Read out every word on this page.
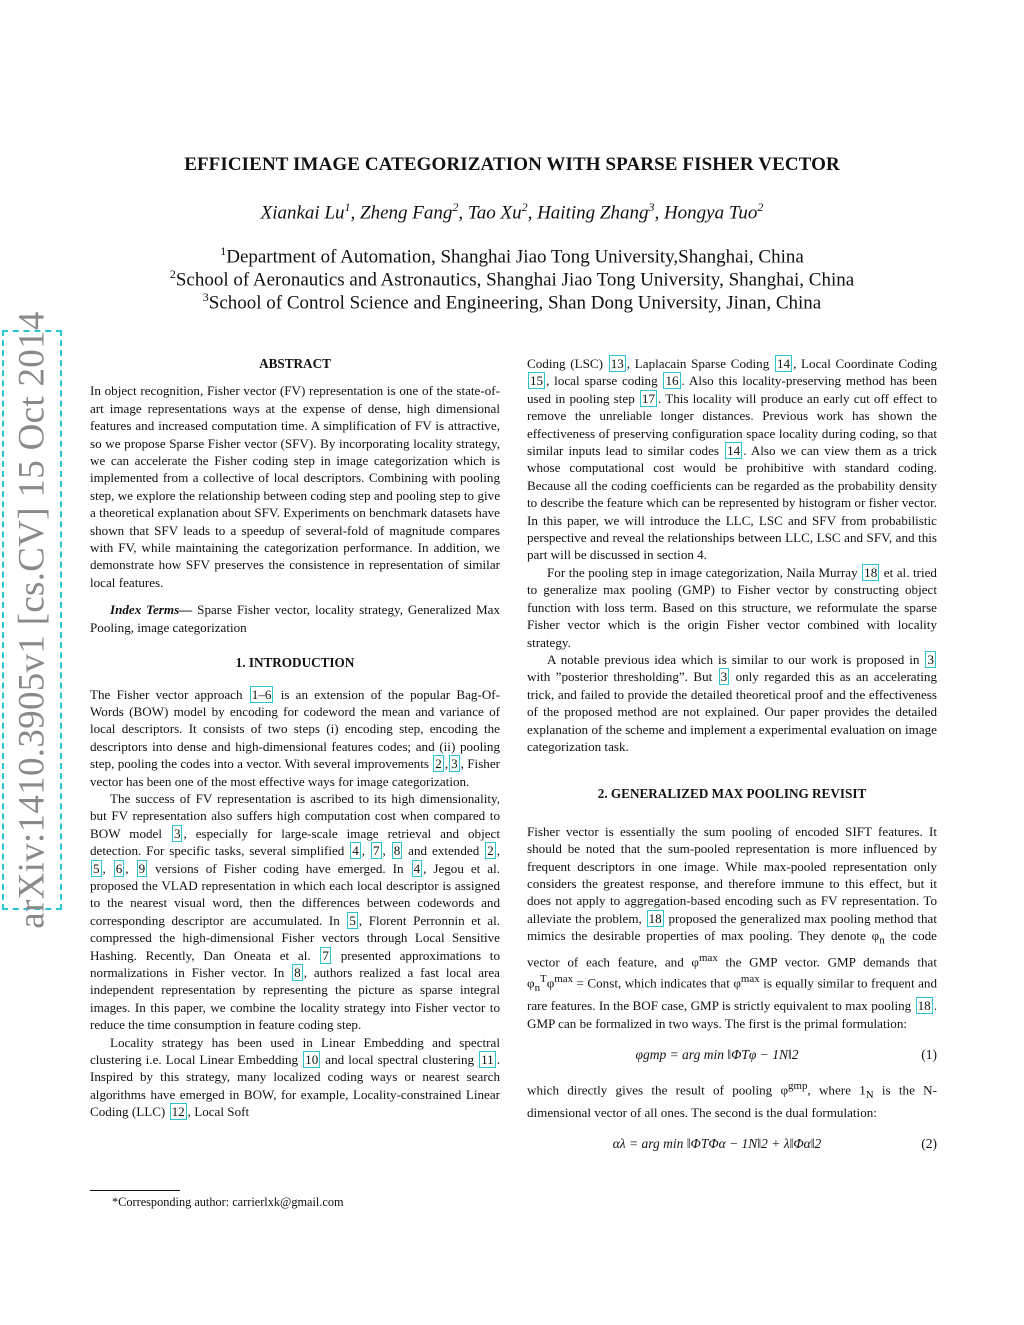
arXiv:1410.3905v1 [cs.CV] 15 Oct 2014
EFFICIENT IMAGE CATEGORIZATION WITH SPARSE FISHER VECTOR
Xiankai Lu$^1$, Zheng Fang$^2$, Tao Xu$^2$, Haiting Zhang$^3$, Hongya Tuo$^2$
$^1$Department of Automation, Shanghai Jiao Tong University,Shanghai, China
$^2$School of Aeronautics and Astronautics, Shanghai Jiao Tong University, Shanghai, China
$^3$School of Control Science and Engineering, Shan Dong University, Jinan, China
ABSTRACT

In object recognition, Fisher vector (FV) representation is one of the state-of-art image representations ways at the expense of dense, high dimensional features and increased computation time. A simplification of FV is attractive, so we propose Sparse Fisher vector (SFV). By incorporating locality strategy, we can accelerate the Fisher coding step in image categorization which is implemented from a collective of local descriptors. Combining with pooling step, we explore the relationship between coding step and pooling step to give a theoretical explanation about SFV. Experiments on benchmark datasets have shown that SFV leads to a speedup of several-fold of magnitude compares with FV, while maintaining the categorization performance. In addition, we demonstrate how SFV preserves the consistence in representation of similar local features.

Index Terms— Sparse Fisher vector, locality strategy, Generalized Max Pooling, image categorization

1. INTRODUCTION

The Fisher vector approach 1–6 is an extension of the popular Bag-Of-Words (BOW) model by encoding for codeword the mean and variance of local descriptors. It consists of two steps (i) encoding step, encoding the descriptors into dense and high-dimensional features codes; and (ii) pooling step, pooling the codes into a vector. With several improvements 2 , 3 , Fisher vector has been one of the most effective ways for image categorization.

The success of FV representation is ascribed to its high dimensionality, but FV representation also suffers high computation cost when compared to BOW model 3 , especially for large-scale image retrieval and object detection. For specific tasks, several simplified 4 , 7 , 8 and extended 2 , 5 , 6 , 9 versions of Fisher coding have emerged. In 4 , Jegou et al. proposed the VLAD representation in which each local descriptor is assigned to the nearest visual word, then the differences between codewords and corresponding descriptor are accumulated. In 5 , Florent Perronnin et al. compressed the high-dimensional Fisher vectors through Local Sensitive Hashing. Recently, Dan Oneata et al. 7 presented approximations to normalizations in Fisher vector. In 8 , authors realized a fast local area independent representation by representing the picture as sparse integral images. In this paper, we combine the locality strategy into Fisher vector to reduce the time consumption in feature coding step.

Locality strategy has been used in Linear Embedding and spectral clustering i.e. Local Linear Embedding 10 and local spectral clustering 11 . Inspired by this strategy, many localized coding ways or nearest search algorithms have emerged in BOW, for example, Locality-constrained Linear Coding (LLC) 12 , Local Soft

Coding (LSC) 13 , Laplacain Sparse Coding 14 , Local Coordinate Coding 15 , local sparse coding 16 . Also this locality-preserving method has been used in pooling step 17 . This locality will produce an early cut off effect to remove the unreliable longer distances. Previous work has shown the effectiveness of preserving configuration space locality during coding, so that similar inputs lead to similar codes 14 . Also we can view them as a trick whose computational cost would be prohibitive with standard coding. Because all the coding coefficients can be regarded as the probability density to describe the feature which can be represented by histogram or fisher vector. In this paper, we will introduce the LLC, LSC and SFV from probabilistic perspective and reveal the relationships between LLC, LSC and SFV, and this part will be discussed in section 4.

For the pooling step in image categorization, Naila Murray 18 et al. tried to generalize max pooling (GMP) to Fisher vector by constructing object function with loss term. Based on this structure, we reformulate the sparse Fisher vector which is the origin Fisher vector combined with locality strategy.

A notable previous idea which is similar to our work is proposed in 3 with ”posterior thresholding”. But 3 only regarded this as an accelerating trick, and failed to provide the detailed theoretical proof and the effectiveness of the proposed method are not explained. Our paper provides the detailed explanation of the scheme and implement a experimental evaluation on image categorization task.

2. GENERALIZED MAX POOLING REVISIT

Fisher vector is essentially the sum pooling of encoded SIFT features. It should be noted that the sum-pooled representation is more influenced by frequent descriptors in one image. While max-pooled representation only considers the greatest response, and therefore immune to this effect, but it does not apply to aggregation-based encoding such as FV representation. To alleviate the problem, 18 proposed the generalized max pooling method that mimics the desirable properties of max pooling. They denote $\varphi_n$ the code vector of each feature, and $\varphi^{max}$ the GMP vector. GMP demands that $\varphi_n^T\varphi^{max}$ = Const, which indicates that $\varphi^{max}$ is equally similar to frequent and rare features. In the BOF case, GMP is strictly equivalent to max pooling 18 . GMP can be formalized in two ways. The first is the primal formulation:

φgmp = arg min ‖ΦTφ − 1N‖2	(1)

which directly gives the result of pooling $\varphi^{gmp}$, where $1_N$ is the N-dimensional vector of all ones. The second is the dual formulation:

αλ = arg min ‖ΦTΦα − 1N‖2 + λ‖Φα‖2	(2)
*Corresponding author: carrierlxk@gmail.com
